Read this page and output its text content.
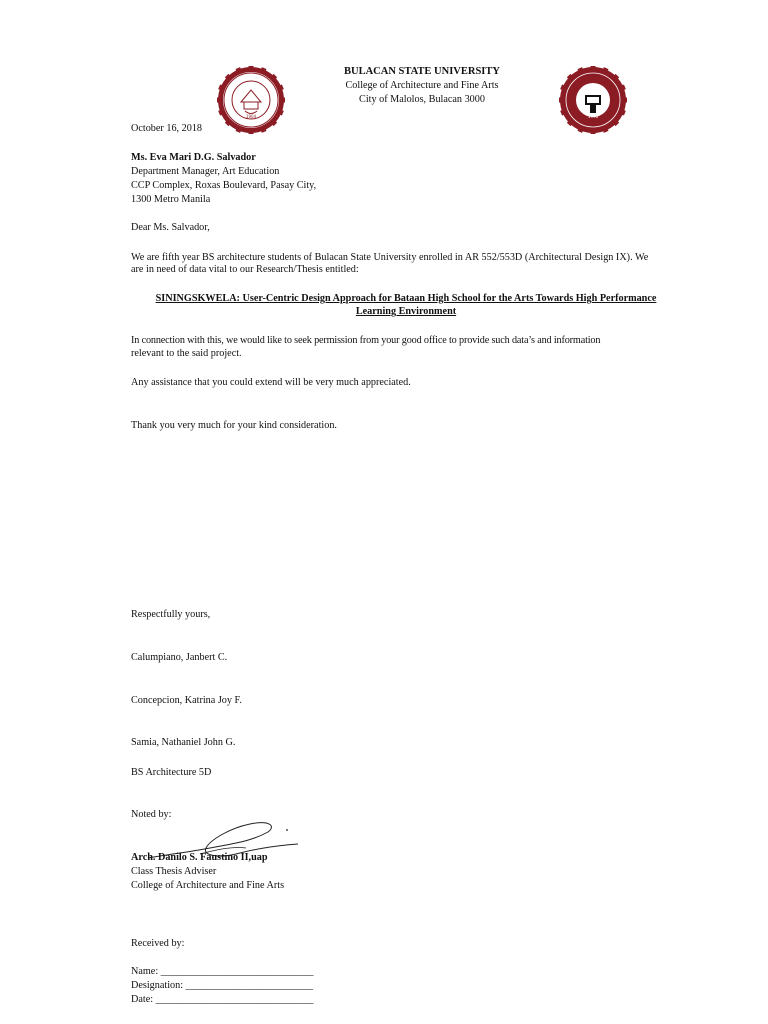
1904	1996
BULACAN STATE UNIVERSITY
College of Architecture and Fine Arts
City of Malolos, Bulacan 3000
October 16, 2018
Ms. Eva Mari D.G. Salvador
Department Manager, Art Education
CCP Complex, Roxas Boulevard, Pasay City,
1300 Metro Manila
Dear Ms. Salvador,
We are fifth year BS architecture students of Bulacan State University enrolled in AR 552/553D (Architectural Design IX). We
are in need of data vital to our Research/Thesis entitled:
SININGSKWELA: User-Centric Design Approach for Bataan High School for the Arts Towards High Performance
Learning Environment
In connection with this, we would like to seek permission from your good office to provide such data’s and information
relevant to the said project.
Any assistance that you could extend will be very much appreciated.
Thank you very much for your kind consideration.
Respectfully yours,
Calumpiano, Janbert C.
Concepcion, Katrina Joy F.
Samia, Nathaniel John G.
BS Architecture 5D
Noted by:
Arch. Danilo S. Faustino II,uap
Class Thesis Adviser
College of Architecture and Fine Arts
Received by:
Name: ______________________________
Designation: _________________________
Date: _______________________________
